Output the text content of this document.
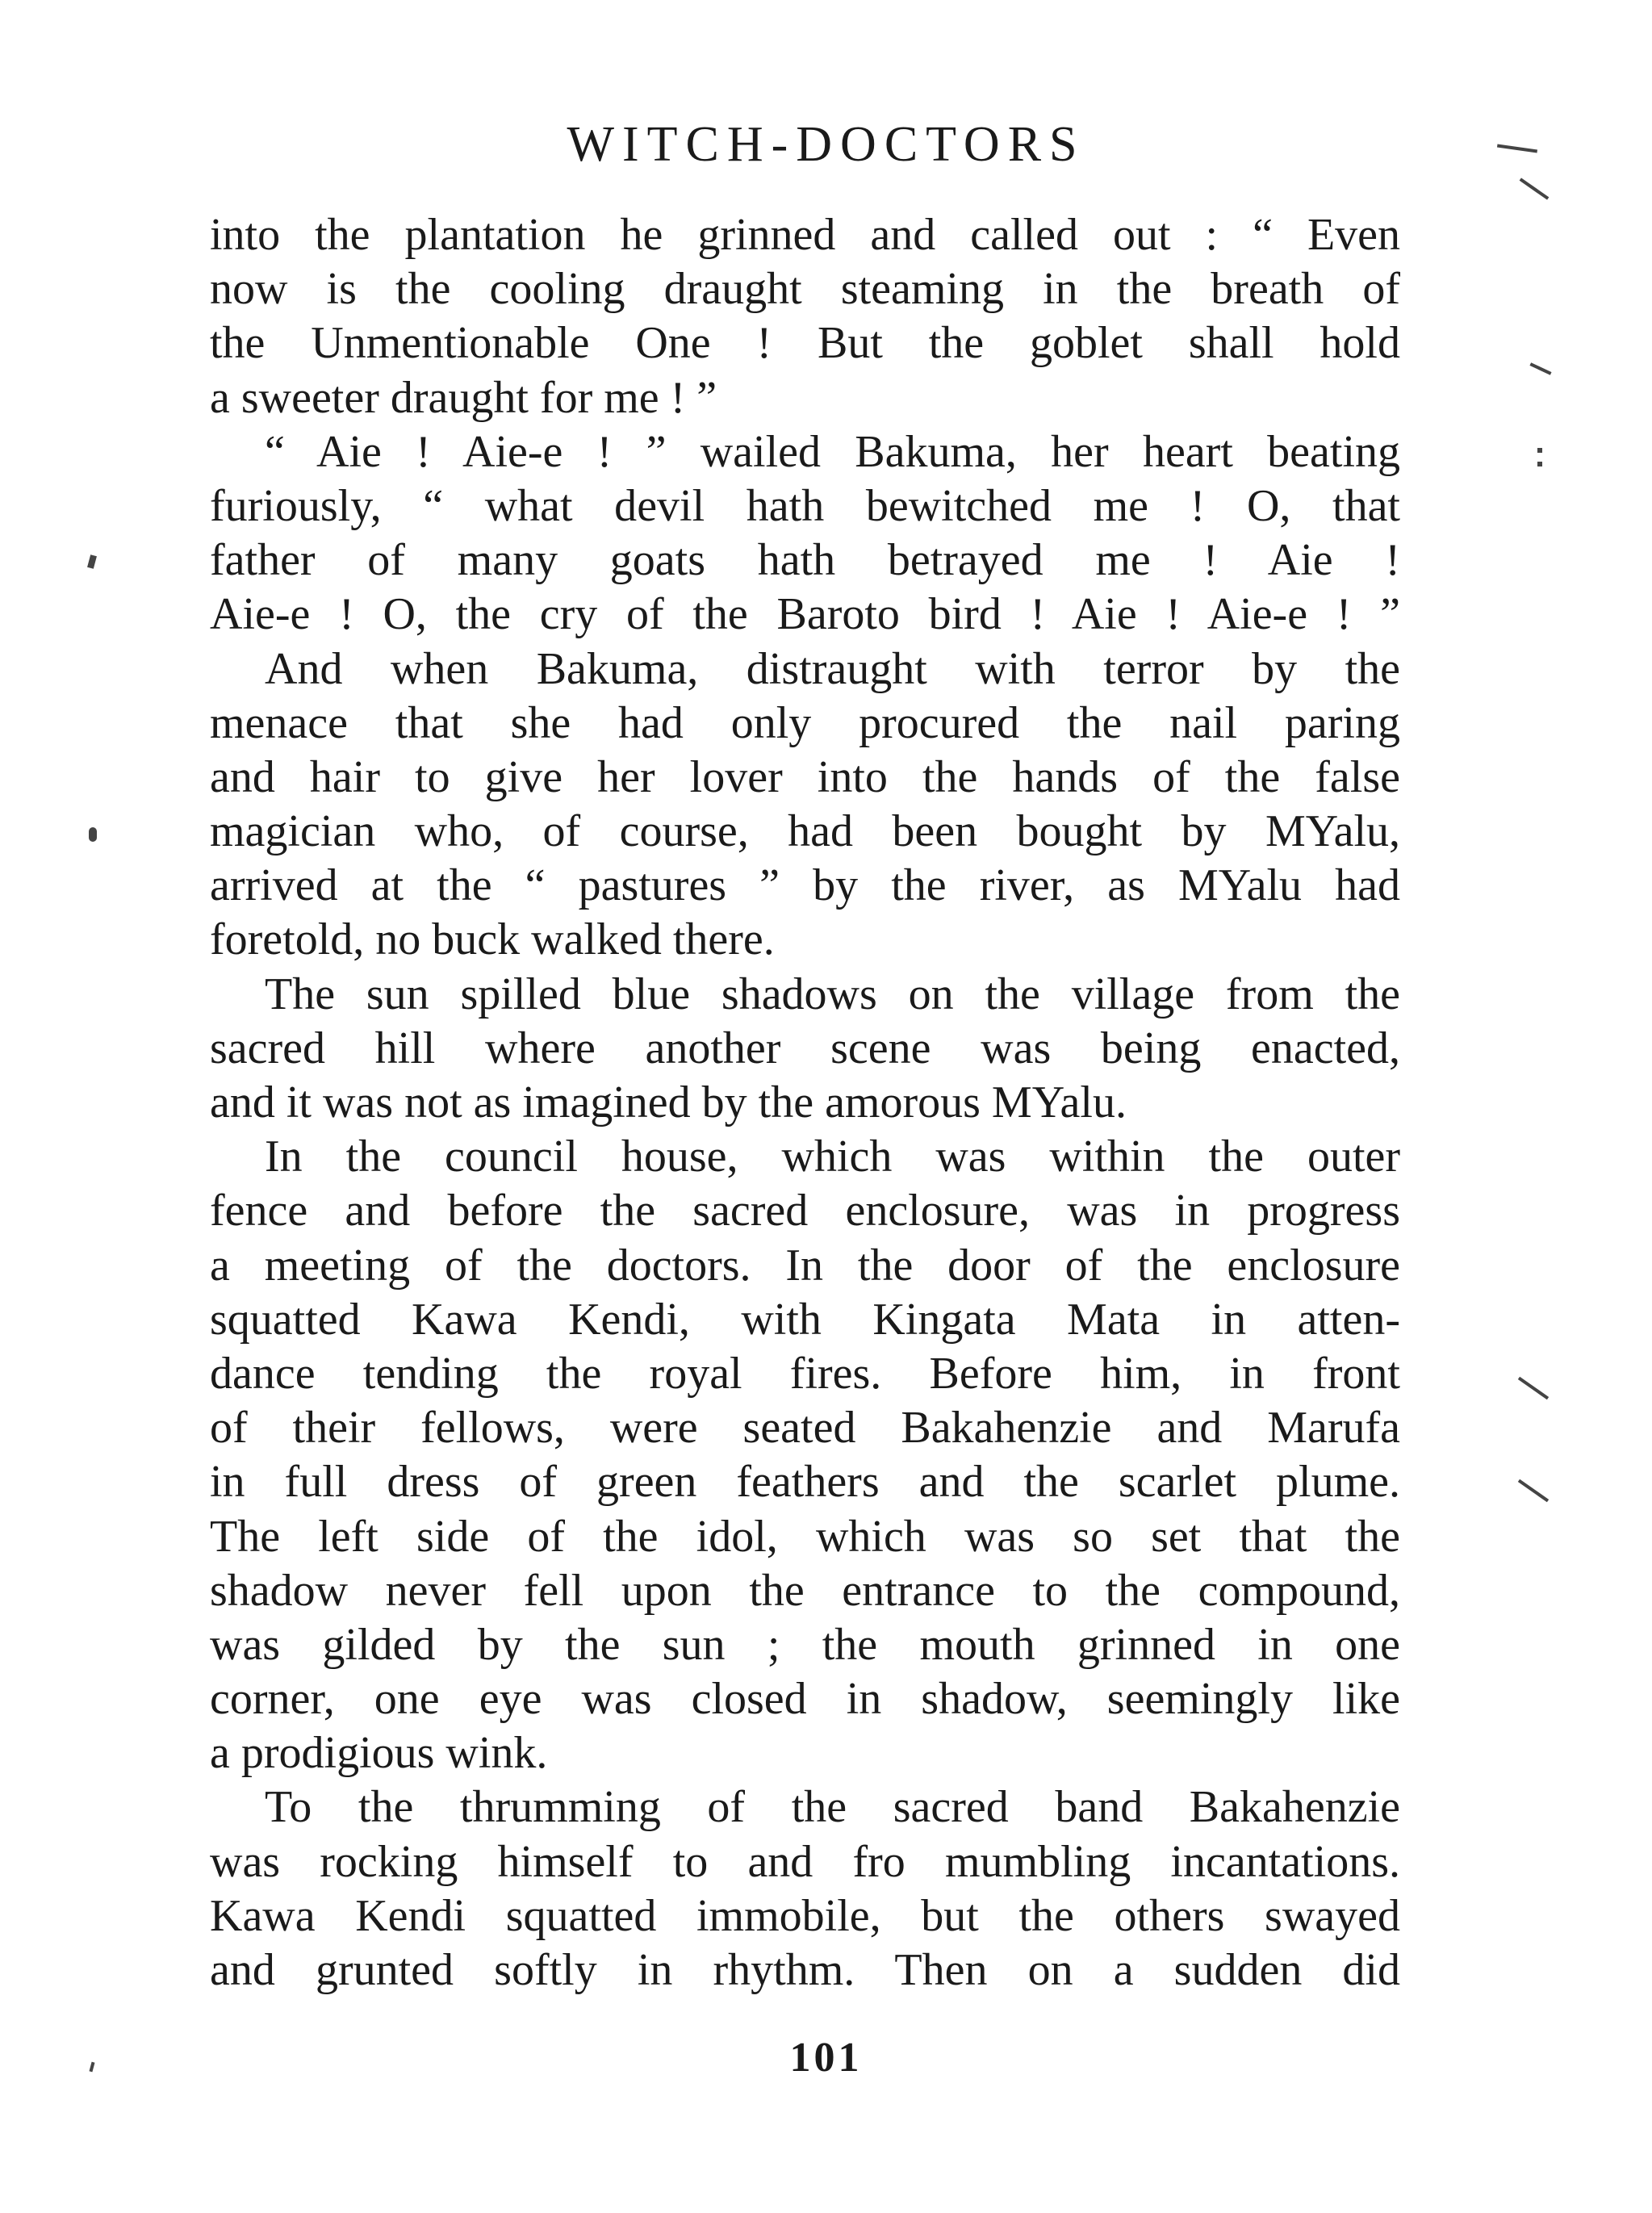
WITCH-DOCTORS
into the plantation he grinned and called out : “ Even
now is the cooling draught steaming in the breath of
the Unmentionable One ! But the goblet shall hold
a sweeter draught for me ! ”
“ Aie ! Aie-e ! ” wailed Bakuma, her heart beating
furiously, “ what devil hath bewitched me ! O, that
father of many goats hath betrayed me ! Aie !
Aie-e ! O, the cry of the Baroto bird ! Aie ! Aie-e ! ”
And when Bakuma, distraught with terror by the
menace that she had only procured the nail paring
and hair to give her lover into the hands of the false
magician who, of course, had been bought by MYalu,
arrived at the “ pastures ” by the river, as MYalu had
foretold, no buck walked there.
The sun spilled blue shadows on the village from the
sacred hill where another scene was being enacted,
and it was not as imagined by the amorous MYalu.
In the council house, which was within the outer
fence and before the sacred enclosure, was in progress
a meeting of the doctors. In the door of the enclosure
squatted Kawa Kendi, with Kingata Mata in atten-
dance tending the royal fires. Before him, in front
of their fellows, were seated Bakahenzie and Marufa
in full dress of green feathers and the scarlet plume.
The left side of the idol, which was so set that the
shadow never fell upon the entrance to the compound,
was gilded by the sun ; the mouth grinned in one
corner, one eye was closed in shadow, seemingly like
a prodigious wink.
To the thrumming of the sacred band Bakahenzie
was rocking himself to and fro mumbling incantations.
Kawa Kendi squatted immobile, but the others swayed
and grunted softly in rhythm. Then on a sudden did
101
